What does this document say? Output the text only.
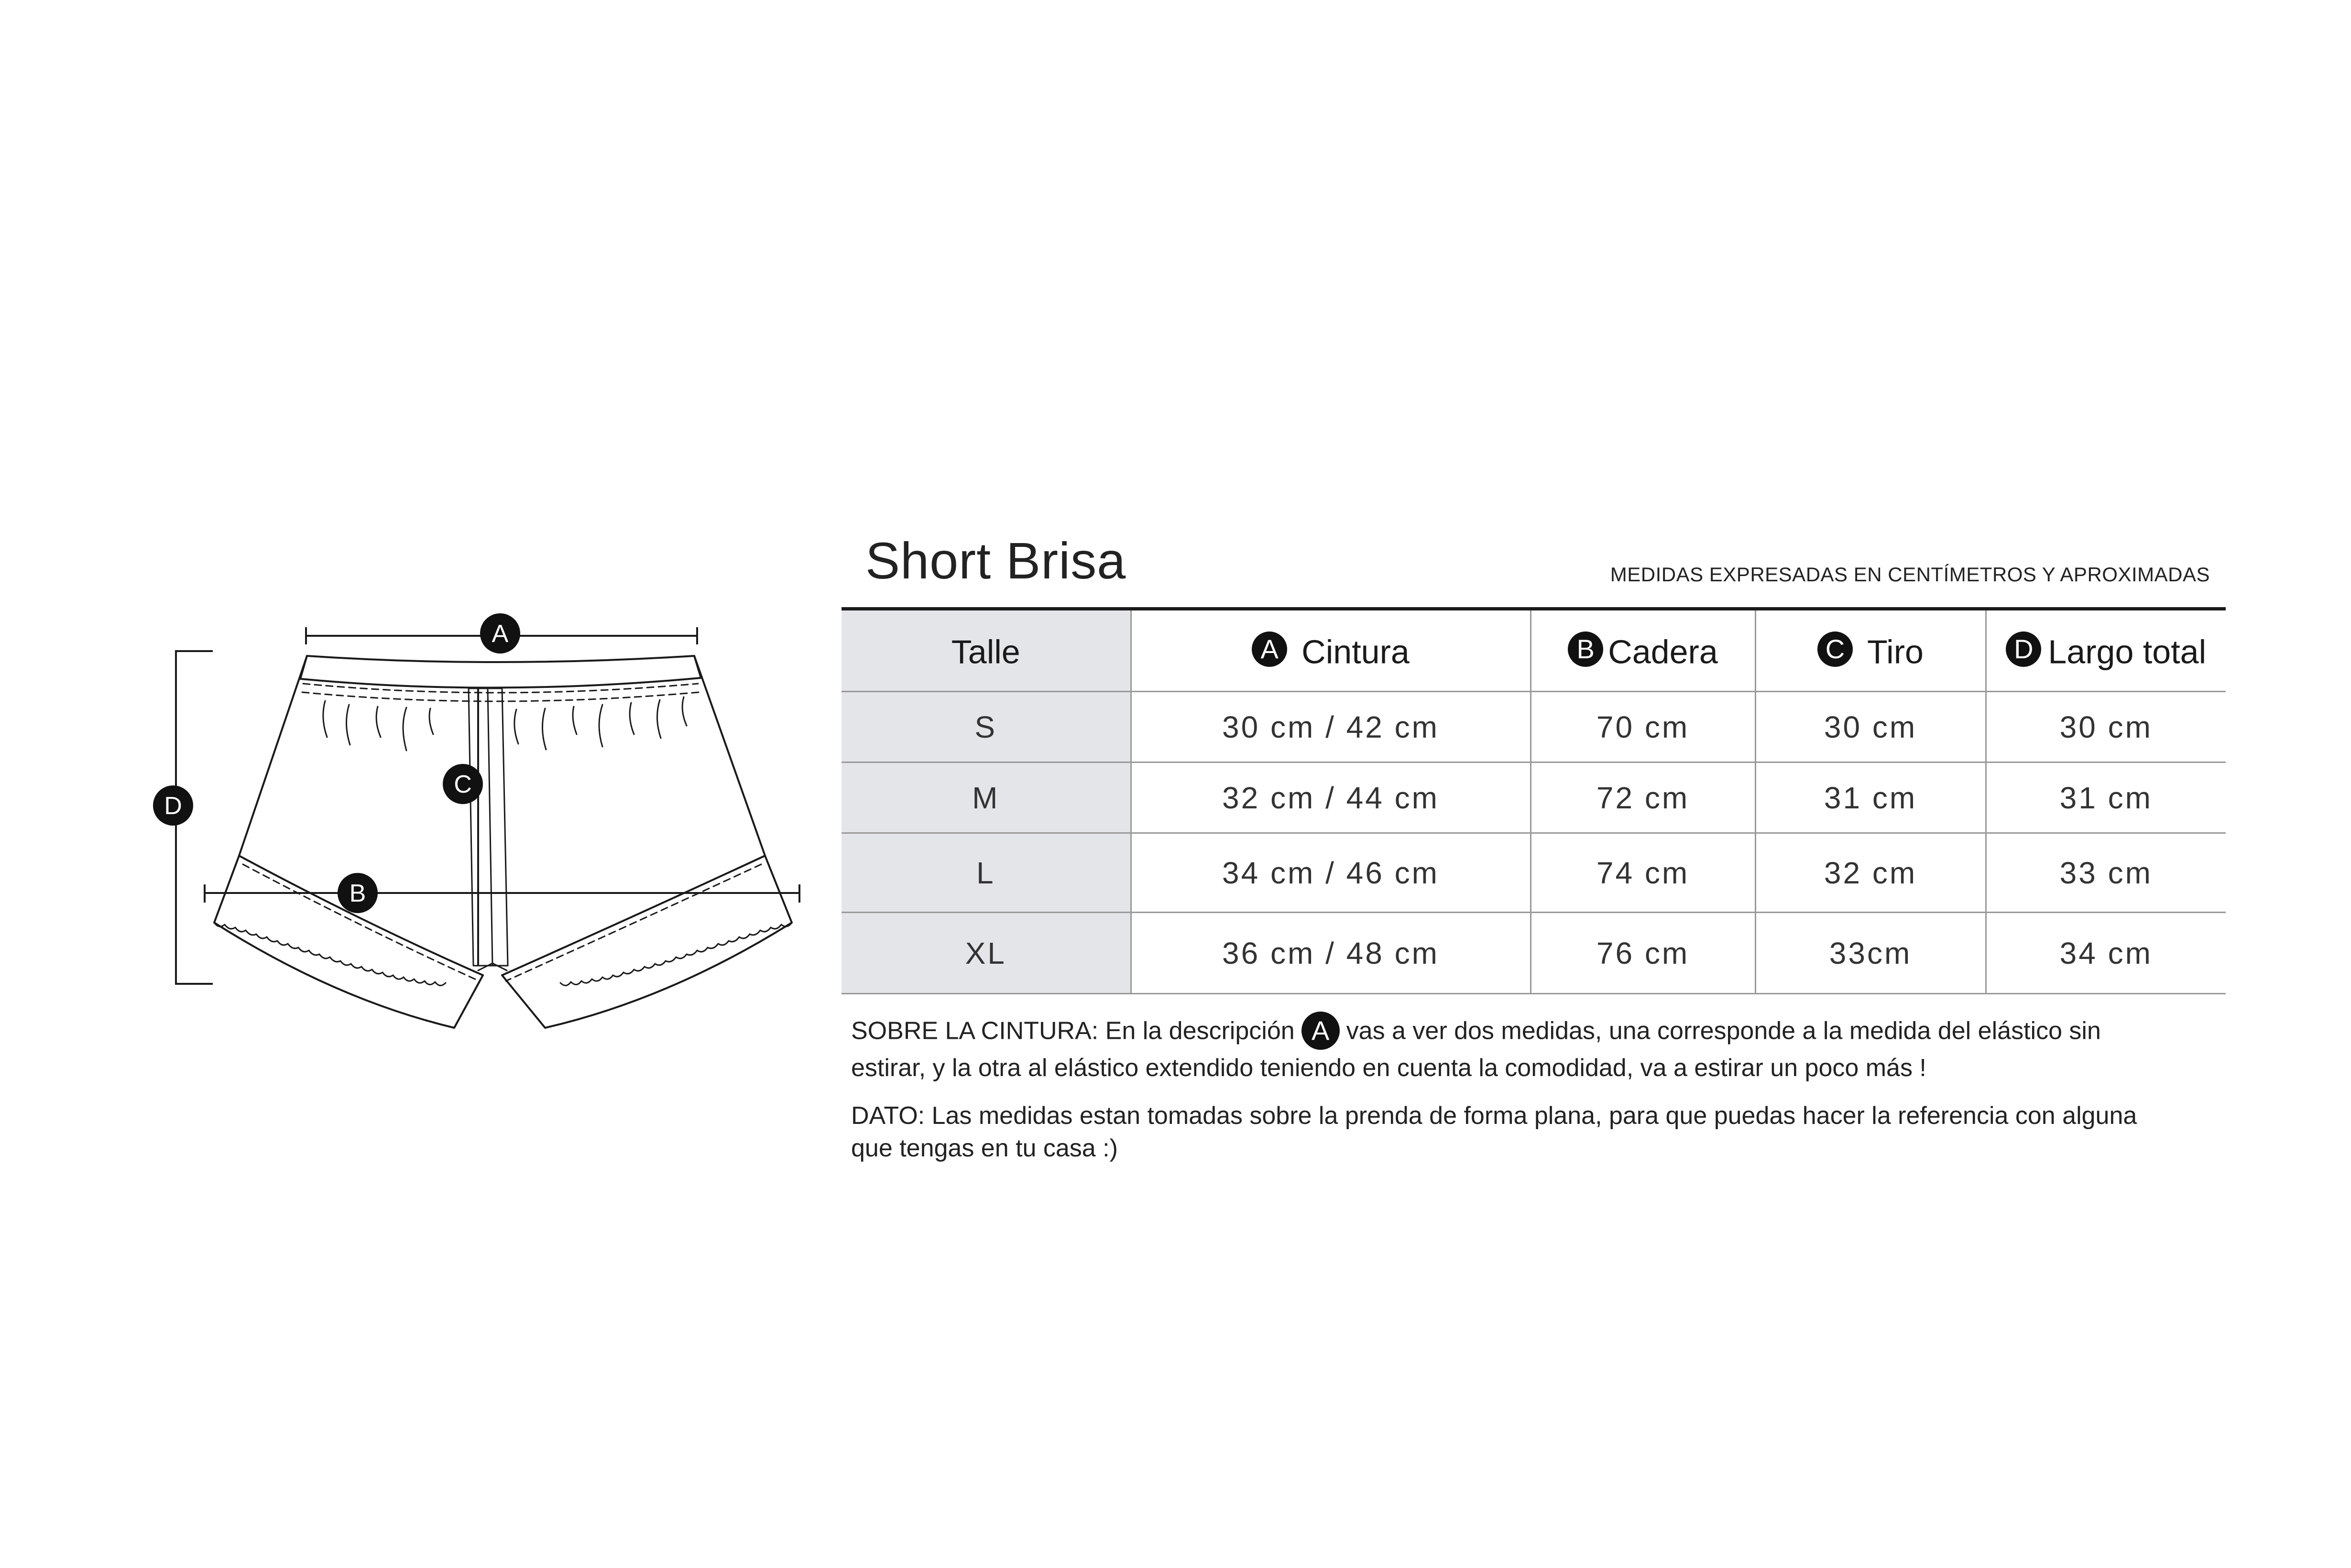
A
B
C
D
Short Brisa	MEDIDAS EXPRESADAS EN CENTÍMETROS Y APROXIMADAS
Talle	A Cintura	B Cadera	C Tiro	D Largo total
S	30 cm / 42 cm	70 cm	30 cm	30 cm
M	32 cm / 44 cm	72 cm	31 cm	31 cm
L	34 cm / 46 cm	74 cm	32 cm	33 cm
XL	36 cm / 48 cm	76 cm	33cm	34 cm
SOBRE LA CINTURA: En la descripción A vas a ver dos medidas, una corresponde a la medida del elástico sin estirar, y la otra al elástico extendido teniendo en cuenta la comodidad, va a estirar un poco más !
DATO: Las medidas estan tomadas sobre la prenda de forma plana, para que puedas hacer la referencia con alguna que tengas en tu casa :)
